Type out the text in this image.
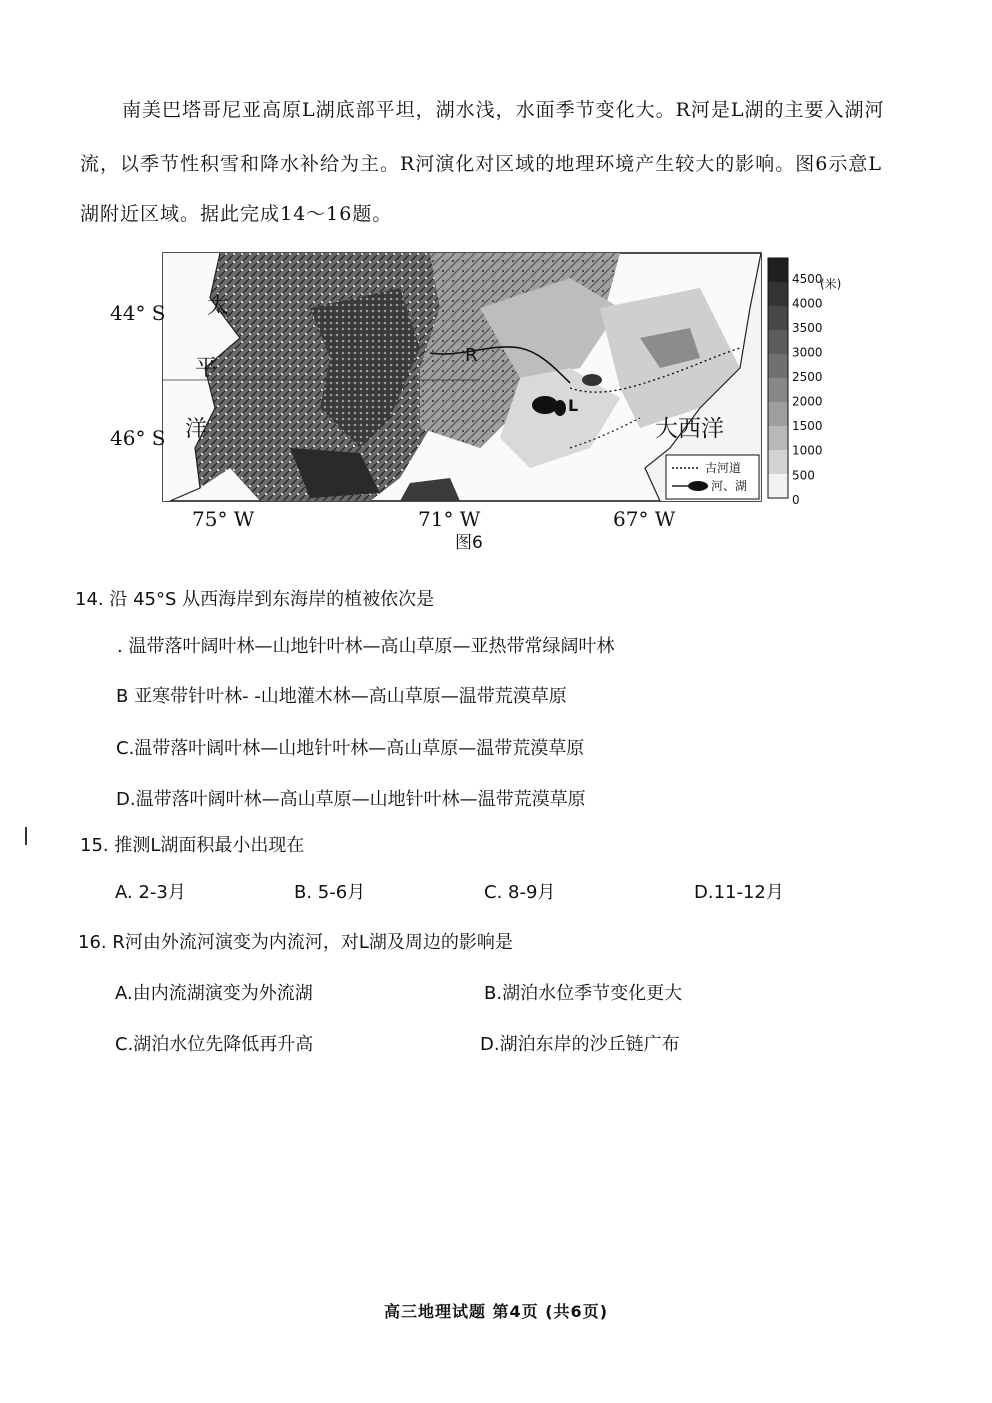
南美巴塔哥尼亚高原L湖底部平坦，湖水浅，水面季节变化大。R河是L湖的主要入湖河
流，以季节性积雪和降水补给为主。R河演化对区域的地理环境产生较大的影响。图6示意L
湖附近区域。据此完成14～16题。
太
平
洋	大西洋
R
L
44° S
46° S
75° W	71° W	67° W
图6
古河道
河、湖
4500
4000
3500
3000
2500
2000
1500
1000
500
0
(米)
14. 沿 45°S 从西海岸到东海岸的植被依次是
. 温带落叶阔叶林—山地针叶林—高山草原—亚热带常绿阔叶林
B 亚寒带针叶林- -山地灌木林—高山草原—温带荒漠草原
C.温带落叶阔叶林—山地针叶林—高山草原—温带荒漠草原
D.温带落叶阔叶林—高山草原—山地针叶林—温带荒漠草原
15. 推测L湖面积最小出现在
A. 2-3月	B. 5-6月	C. 8-9月	D.11-12月
16. R河由外流河演变为内流河，对L湖及周边的影响是
A.由内流湖演变为外流湖	B.湖泊水位季节变化更大
C.湖泊水位先降低再升高	D.湖泊东岸的沙丘链广布
高三地理试题 第4页 (共6页)
